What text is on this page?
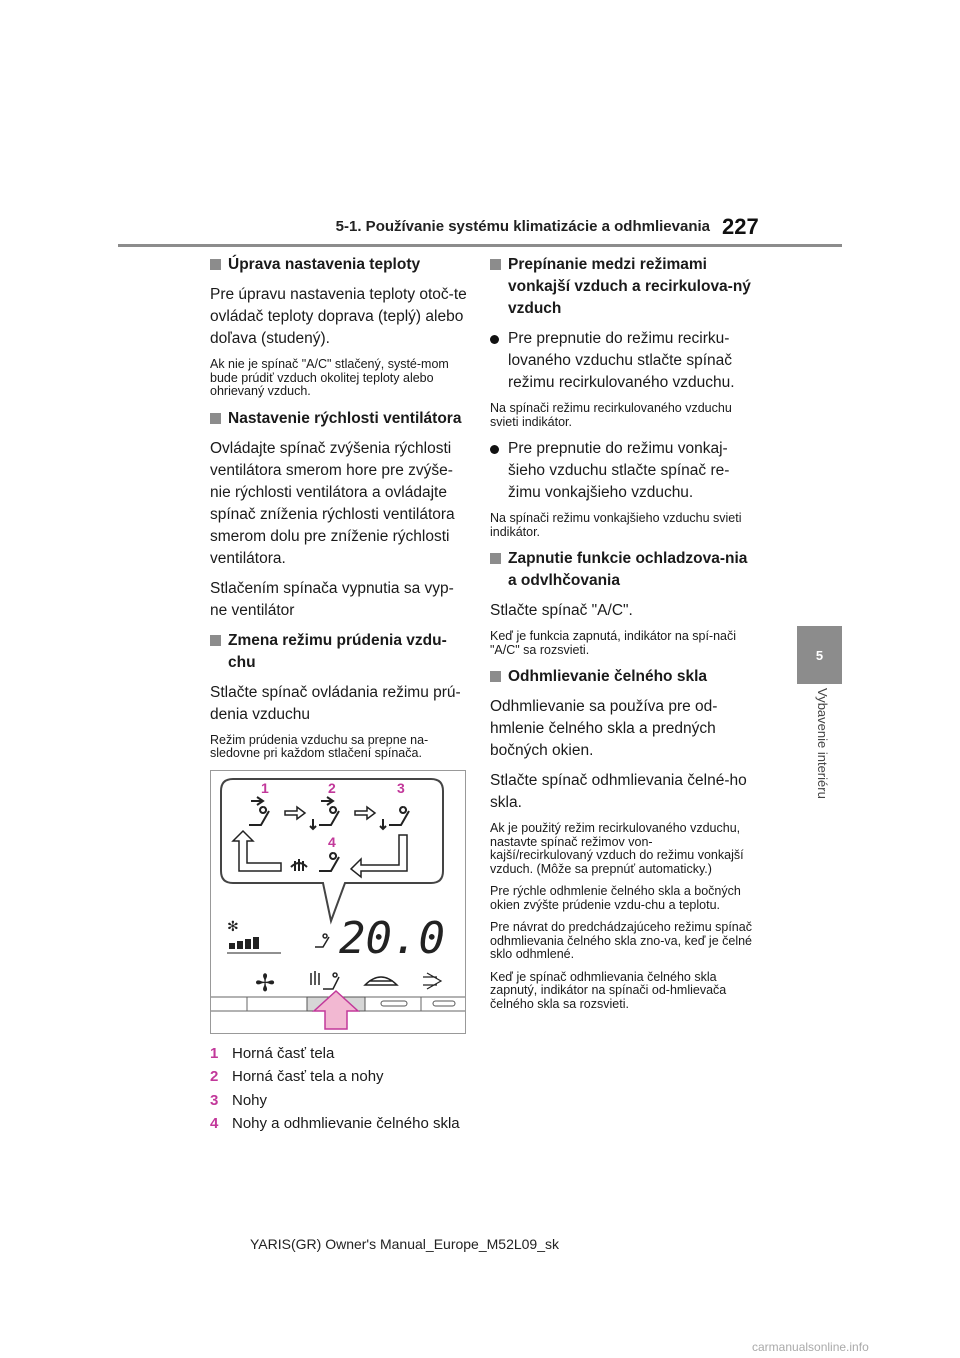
5-1. Používanie systému klimatizácie a odhmlievania 227
5
Vybavenie interiéru
Úprava nastavenia teploty
Pre úpravu nastavenia teploty otoč-te ovládač teploty doprava (teplý) alebo doľava (studený).
Ak nie je spínač "A/C" stlačený, systé-mom bude prúdiť vzduch okolitej teploty alebo ohrievaný vzduch.
Nastavenie rýchlosti ventilátora
Ovládajte spínač zvýšenia rýchlosti ventilátora smerom hore pre zvýše-nie rýchlosti ventilátora a ovládajte spínač zníženia rýchlosti ventilátora smerom dolu pre zníženie rýchlosti ventilátora.
Stlačením spínača vypnutia sa vyp-ne ventilátor
Zmena režimu prúdenia vzdu-chu
Stlačte spínač ovládania režimu prú-denia vzduchu
Režim prúdenia vzduchu sa prepne na-sledovne pri každom stlačení spínača.
1	2	3
4
✻ 20.0
✢
1 Horná časť tela
2 Horná časť tela a nohy
3 Nohy
4 Nohy a odhmlievanie čelného skla
Prepínanie medzi režimami vonkajší vzduch a recirkulova-ný vzduch
Pre prepnutie do režimu recirku-lovaného vzduchu stlačte spínač režimu recirkulovaného vzduchu.
Na spínači režimu recirkulovaného vzduchu svieti indikátor.
Pre prepnutie do režimu vonkaj-šieho vzduchu stlačte spínač re-žimu vonkajšieho vzduchu.
Na spínači režimu vonkajšieho vzduchu svieti indikátor.
Zapnutie funkcie ochladzova-nia a odvlhčovania
Stlačte spínač "A/C".
Keď je funkcia zapnutá, indikátor na spí-nači "A/C" sa rozsvieti.
Odhmlievanie čelného skla
Odhmlievanie sa používa pre od-hmlenie čelného skla a predných bočných okien.
Stlačte spínač odhmlievania čelné-ho skla.
Ak je použitý režim recirkulovaného vzduchu, nastavte spínač režimov von-kajší/recirkulovaný vzduch do režimu vonkajší vzduch. (Môže sa prepnúť automaticky.)
Pre rýchle odhmlenie čelného skla a bočných okien zvýšte prúdenie vzdu-chu a teplotu.
Pre návrat do predchádzajúceho režimu spínač odhmlievania čelného skla zno-va, keď je čelné sklo odhmlené.
Keď je spínač odhmlievania čelného skla zapnutý, indikátor na spínači od-hmlievača čelného skla sa rozsvieti.
YARIS(GR) Owner's Manual_Europe_M52L09_sk
carmanualsonline.info
